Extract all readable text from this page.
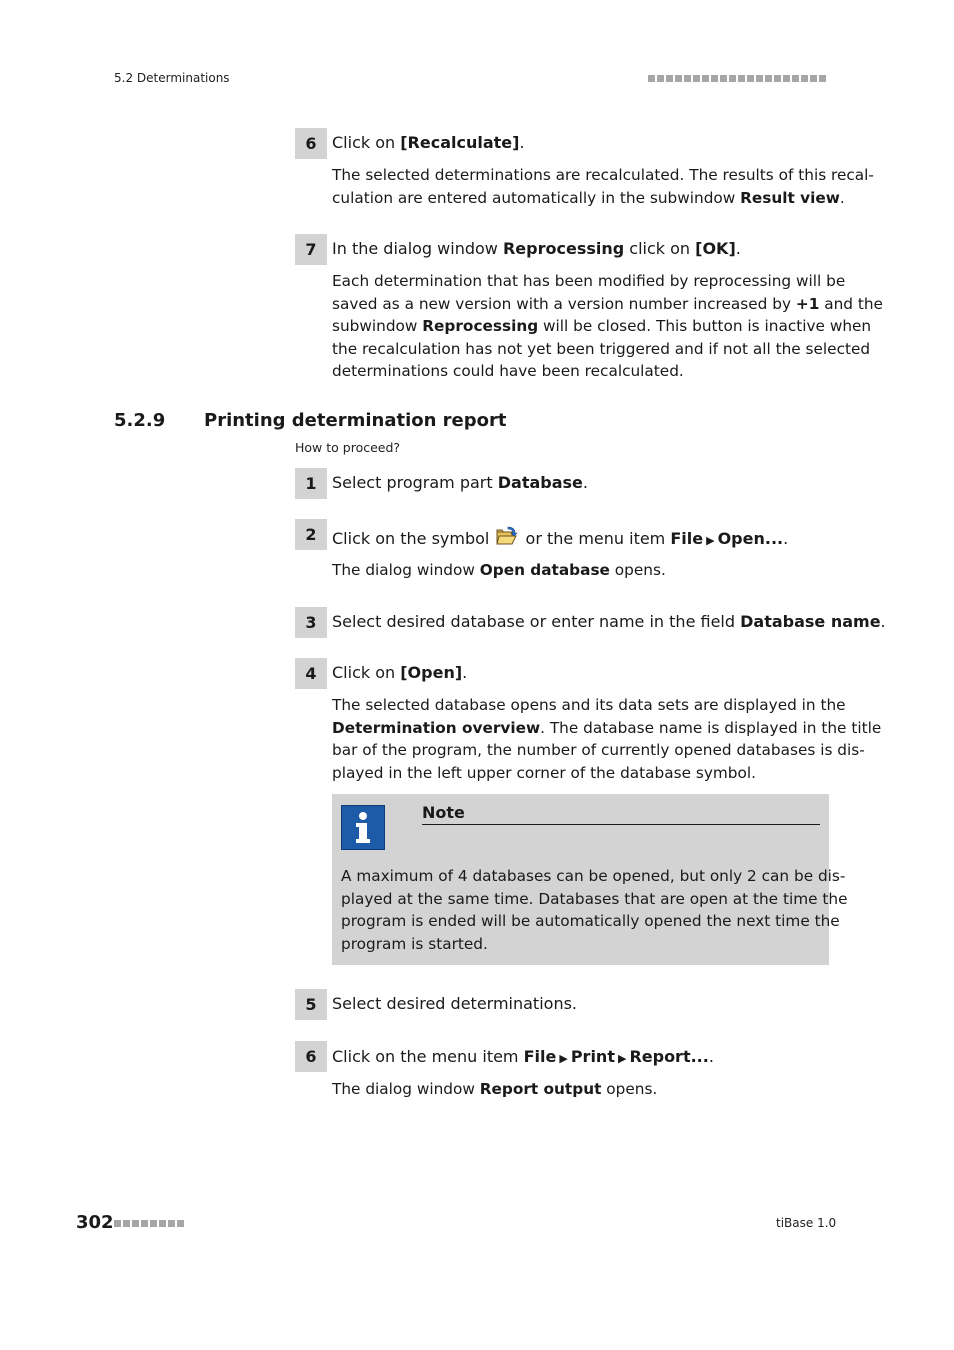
5.2 Determinations
6 Click on [Recalculate].
The selected determinations are recalculated. The results of this recal-
culation are entered automatically in the subwindow Result view.
7 In the dialog window Reprocessing click on [OK].
Each determination that has been modified by reprocessing will be
saved as a new version with a version number increased by +1 and the
subwindow Reprocessing will be closed. This button is inactive when
the recalculation has not yet been triggered and if not all the selected
determinations could have been recalculated.
5.2.9 Printing determination report
How to proceed?
1 Select program part Database.
2 Click on the symbol  or the menu item File ▶ Open....
The dialog window Open database opens.
3 Select desired database or enter name in the field Database name.
4 Click on [Open].
The selected database opens and its data sets are displayed in the
Determination overview. The database name is displayed in the title
bar of the program, the number of currently opened databases is dis-
played in the left upper corner of the database symbol.
Note
A maximum of 4 databases can be opened, but only 2 can be dis-
played at the same time. Databases that are open at the time the
program is ended will be automatically opened the next time the
program is started.
5 Select desired determinations.
6 Click on the menu item File ▶ Print ▶ Report....
The dialog window Report output opens.
302	tiBase 1.0
